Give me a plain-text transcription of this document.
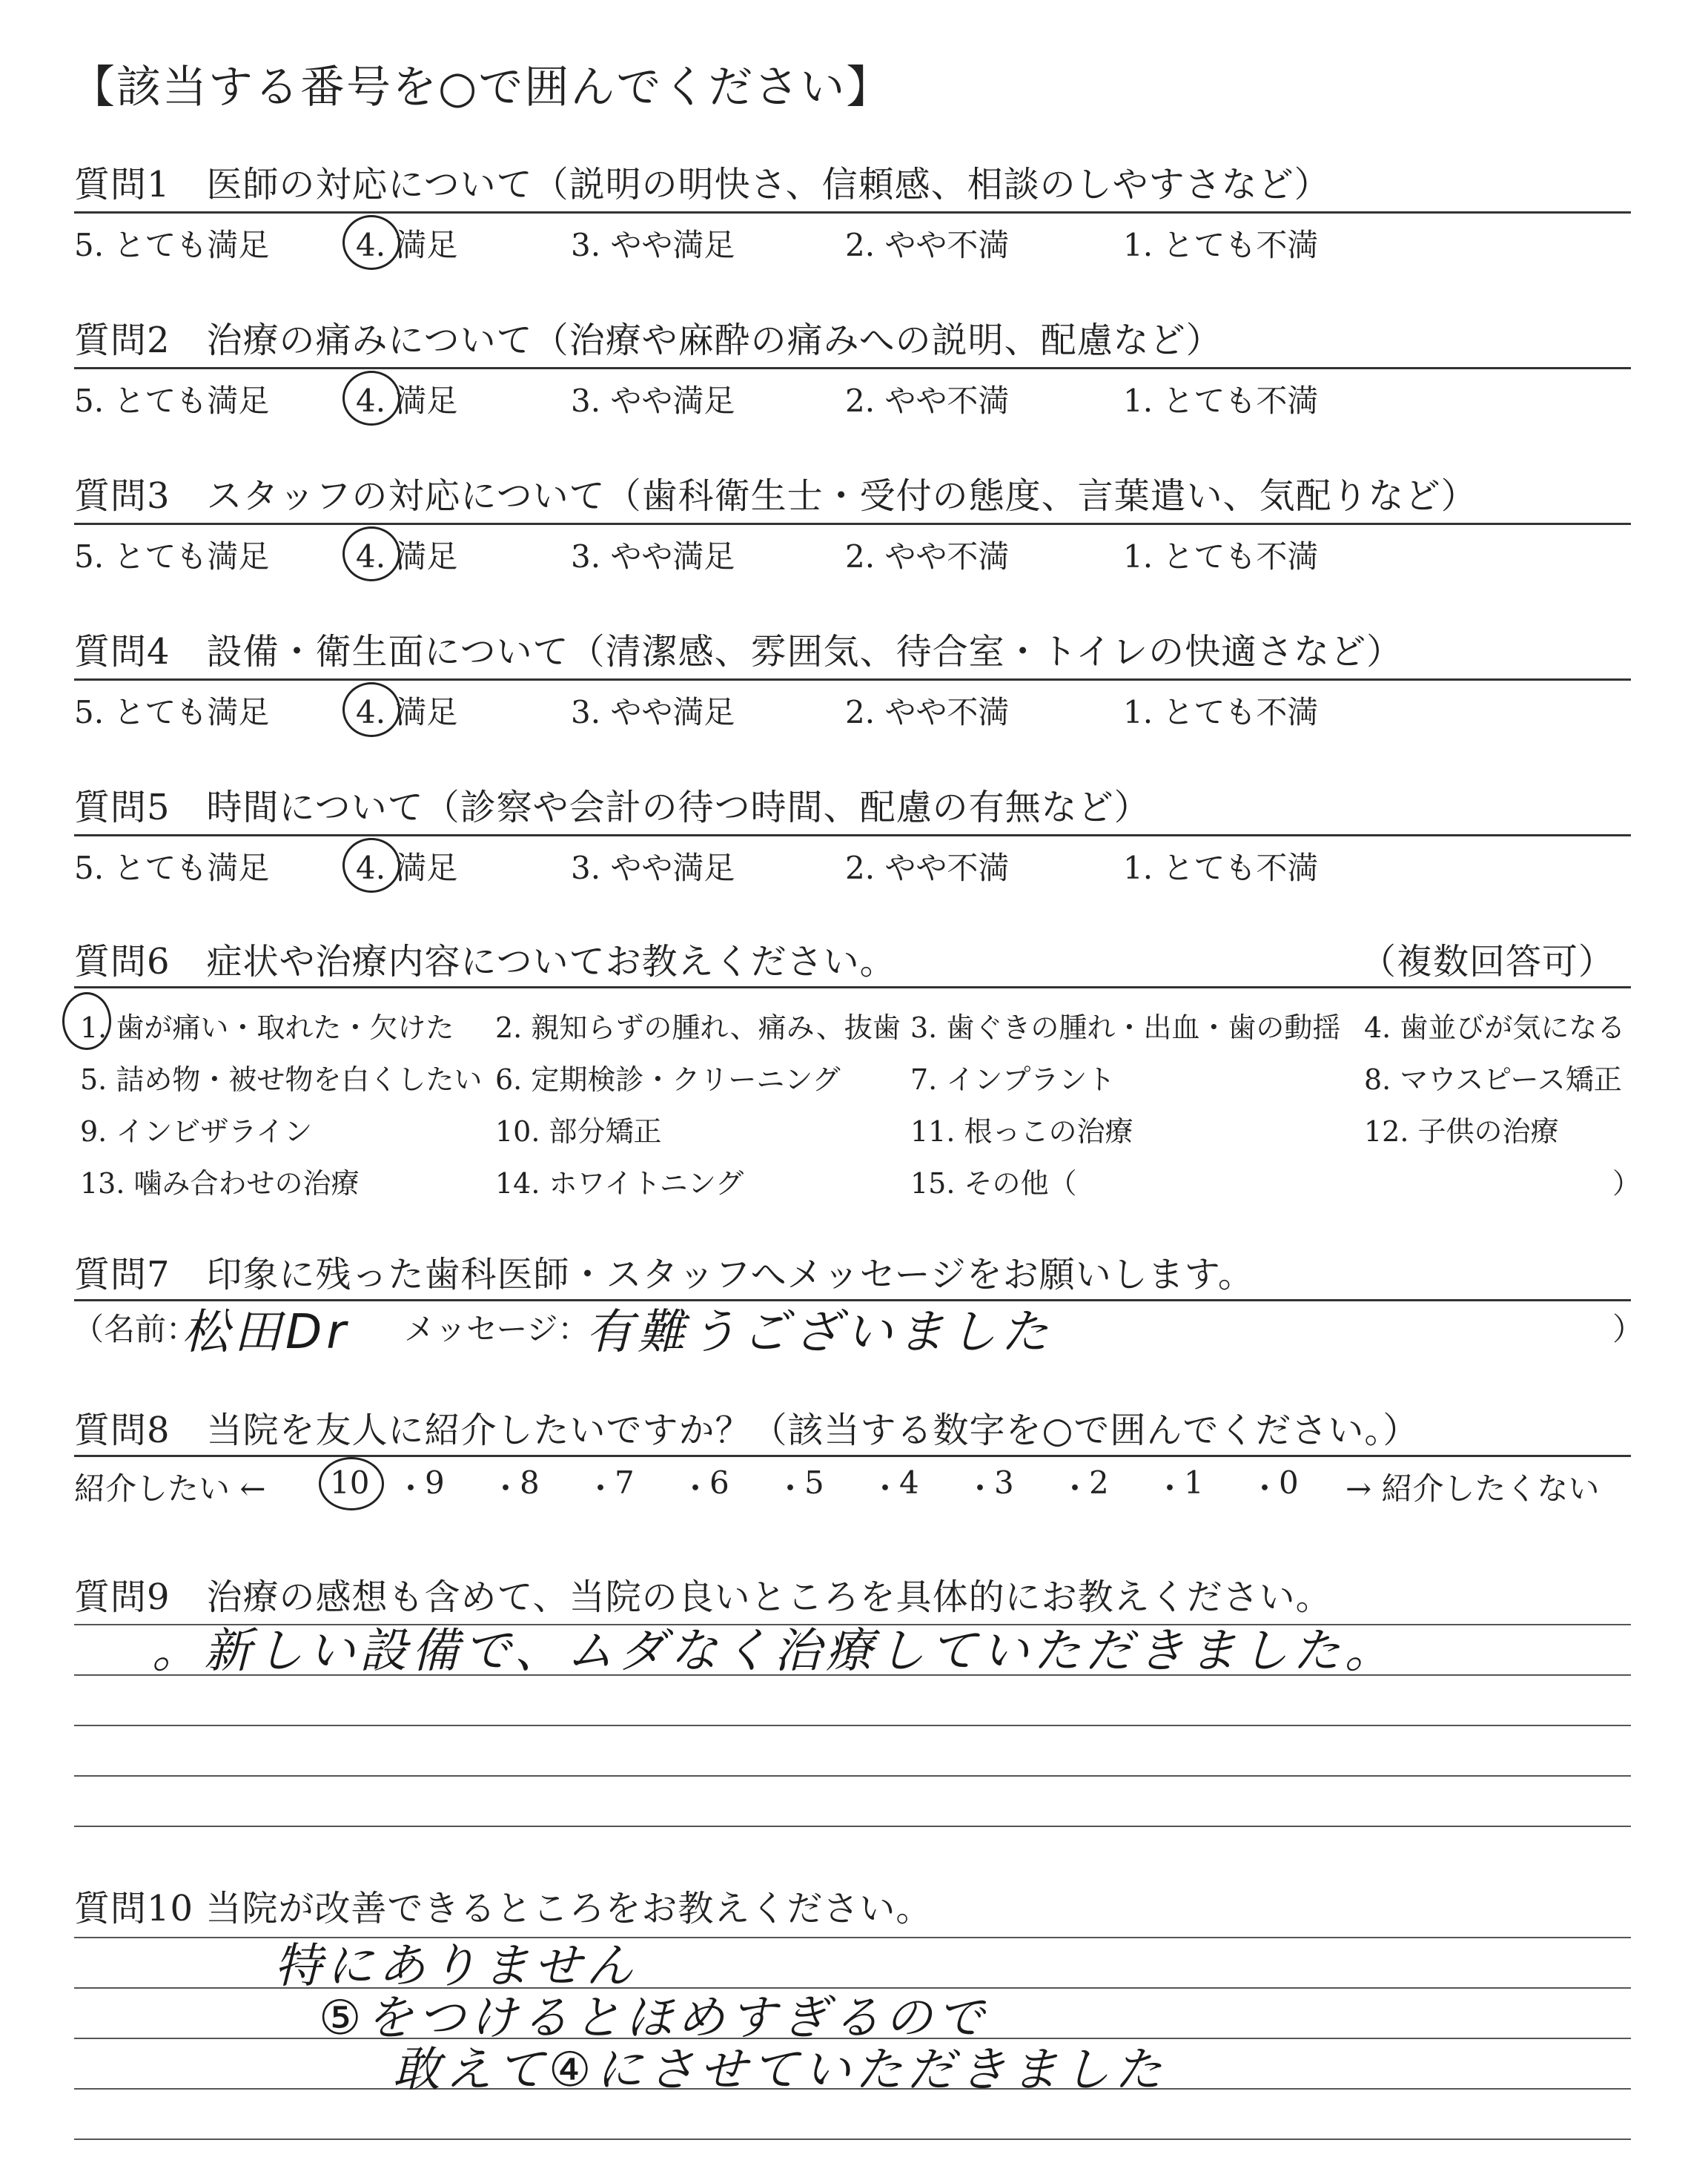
【該当する番号を○で囲んでください】
質問1　医師の対応について（説明の明快さ、信頼感、相談のしやすさなど）
5. とても満足	4. 満足	3. やや満足	2. やや不満	1. とても不満
質問2　治療の痛みについて（治療や麻酔の痛みへの説明、配慮など）
5. とても満足	4. 満足	3. やや満足	2. やや不満	1. とても不満
質問3　スタッフの対応について（歯科衛生士・受付の態度、言葉遣い、気配りなど）
5. とても満足	4. 満足	3. やや満足	2. やや不満	1. とても不満
質問4　設備・衛生面について（清潔感、雰囲気、待合室・トイレの快適さなど）
5. とても満足	4. 満足	3. やや満足	2. やや不満	1. とても不満
質問5　時間について（診察や会計の待つ時間、配慮の有無など）
5. とても満足	4. 満足	3. やや満足	2. やや不満	1. とても不満
質問6　症状や治療内容についてお教えください。	（複数回答可）
1. 歯が痛い・取れた・欠けた 2. 親知らずの腫れ、痛み、抜歯 3. 歯ぐきの腫れ・出血・歯の動揺 4. 歯並びが気になる
5. 詰め物・被せ物を白くしたい 6. 定期検診・クリーニング 7. インプラント	8. マウスピース矯正
9. インビザライン	10. 部分矯正	11. 根っこの治療	12. 子供の治療
13. 噛み合わせの治療	14. ホワイトニング	15. その他（	）
質問7　印象に残った歯科医師・スタッフへメッセージをお願いします。
（名前：
松田Dr メッセージ：
有難うございました	）
質問8　当院を友人に紹介したいですか？（該当する数字を○で囲んでください。）
紹介したい ← 10 ・
9 ・
8 ・
7 ・
6 ・
5 ・
4 ・
3 ・
2 ・
1 ・
0 → 紹介したくない
質問9　治療の感想も含めて、当院の良いところを具体的にお教えください。
。新しい設備で、ムダなく治療していただきました。
質問10 当院が改善できるところをお教えください。
特にありません
⑤をつけるとほめすぎるので
敢えて④にさせていただきました
